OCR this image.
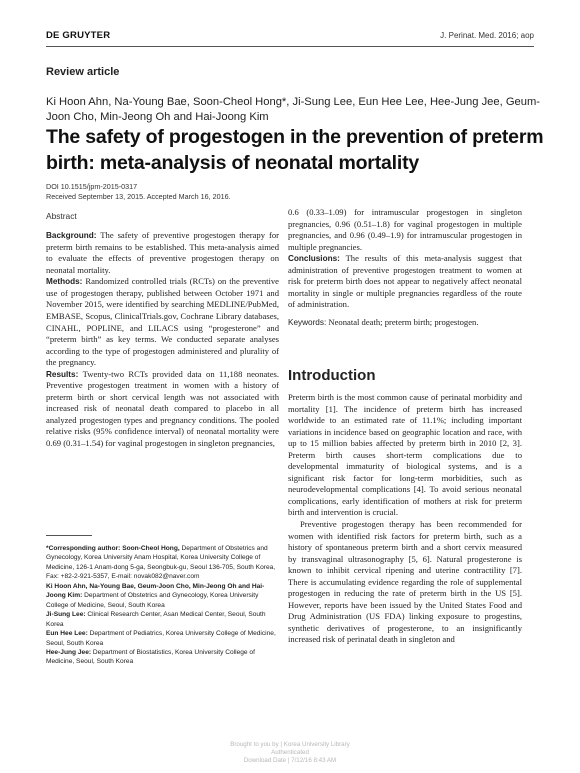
DE GRUYTER	J. Perinat. Med. 2016; aop
Review article
Ki Hoon Ahn, Na-Young Bae, Soon-Cheol Hong*, Ji-Sung Lee, Eun Hee Lee, Hee-Jung Jee, Geum-Joon Cho, Min-Jeong Oh and Hai-Joong Kim
The safety of progestogen in the prevention of preterm birth: meta-analysis of neonatal mortality

DOI 10.1515/jpm-2015-0317

Received September 13, 2015. Accepted March 16, 2016.

Abstract

Background: The safety of preventive progestogen therapy for preterm birth remains to be established. This meta-analysis aimed to evaluate the effects of preventive progestogen therapy on neonatal mortality.

Methods: Randomized controlled trials (RCTs) on the preventive use of progestogen therapy, published between October 1971 and November 2015, were identified by searching MEDLINE/PubMed, EMBASE, Scopus, ClinicalTrials.gov, Cochrane Library databases, CINAHL, POPLINE, and LILACS using “progesterone” and “preterm birth” as key terms. We conducted separate analyses according to the type of progestogen administered and plurality of the pregnancy.

Results: Twenty-two RCTs provided data on 11,188 neonates. Preventive progestogen treatment in women with a history of preterm birth or short cervical length was not associated with increased risk of neonatal death compared to placebo in all analyzed progestogen types and pregnancy conditions. The pooled relative risks (95% confidence interval) of neonatal mortality were 0.69 (0.31–1.54) for vaginal progestogen in singleton pregnancies,

0.6 (0.33–1.09) for intramuscular progestogen in singleton pregnancies, 0.96 (0.51–1.8) for vaginal progestogen in multiple pregnancies, and 0.96 (0.49–1.9) for intramuscular progestogen in multiple pregnancies.

Conclusions: The results of this meta-analysis suggest that administration of preventive progestogen treatment to women at risk for preterm birth does not appear to negatively affect neonatal mortality in single or multiple pregnancies regardless of the route of administration.

Keywords: Neonatal death; preterm birth; progestogen.

Introduction

Preterm birth is the most common cause of perinatal morbidity and mortality [1]. The incidence of preterm birth has increased worldwide to an estimated rate of 11.1%; including important variations in incidence based on geographic location and race, with up to 15 million babies affected by preterm birth in 2010 [2, 3]. Preterm birth causes short-term complications due to developmental immaturity of biological systems, and is a significant risk factor for long-term morbidities, such as neurodevelopmental complications [4]. To avoid serious neonatal complications, early identification of mothers at risk for preterm birth and intervention is crucial.

Preventive progestogen therapy has been recommended for women with identified risk factors for preterm birth, such as a history of spontaneous preterm birth and a short cervix measured by transvaginal ultrasonography [5, 6]. Natural progesterone is known to inhibit cervical ripening and uterine contractility [7]. There is accumulating evidence regarding the role of supplemental progestogen in reducing the rate of preterm birth in the US [5]. However, reports have been issued by the United States Food and Drug Administration (US FDA) linking exposure to progestins, synthetic derivatives of progesterone, to an insignificantly increased risk of perinatal death in singleton and

*Corresponding author: Soon-Cheol Hong, Department of Obstetrics and Gynecology, Korea University Anam Hospital, Korea University College of Medicine, 126-1 Anam-dong 5-ga, Seongbuk-gu, Seoul 136-705, South Korea, Fax: +82-2-921-5357, E-mail: novak082@naver.com

Ki Hoon Ahn, Na-Young Bae, Geum-Joon Cho, Min-Jeong Oh and Hai-Joong Kim: Department of Obstetrics and Gynecology, Korea University College of Medicine, Seoul, South Korea

Ji-Sung Lee: Clinical Research Center, Asan Medical Center, Seoul, South Korea

Eun Hee Lee: Department of Pediatrics, Korea University College of Medicine, Seoul, South Korea

Hee-Jung Jee: Department of Biostatistics, Korea University College of Medicine, Seoul, South Korea

Brought to you by | Korea University Library
Authenticated
Download Date | 7/12/16 8:43 AM
